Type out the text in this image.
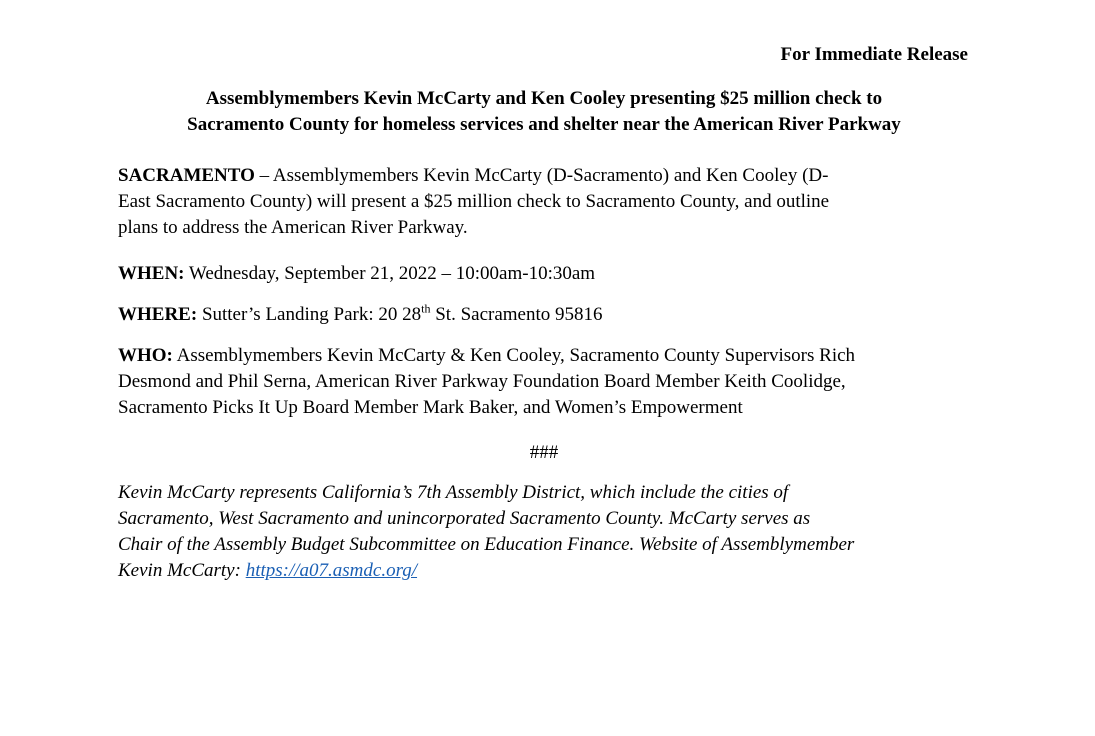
For Immediate Release
Assemblymembers Kevin McCarty and Ken Cooley presenting $25 million check to
Sacramento County for homeless services and shelter near the American River Parkway
SACRAMENTO – Assemblymembers Kevin McCarty (D-Sacramento) and Ken Cooley (D-
East Sacramento County) will present a $25 million check to Sacramento County, and outline
plans to address the American River Parkway.
WHEN: Wednesday, September 21, 2022 – 10:00am-10:30am
WHERE: Sutter’s Landing Park: 20 28th St. Sacramento 95816
WHO: Assemblymembers Kevin McCarty & Ken Cooley, Sacramento County Supervisors Rich
Desmond and Phil Serna, American River Parkway Foundation Board Member Keith Coolidge,
Sacramento Picks It Up Board Member Mark Baker, and Women’s Empowerment
###
Kevin McCarty represents California’s 7th Assembly District, which include the cities of
Sacramento, West Sacramento and unincorporated Sacramento County. McCarty serves as
Chair of the Assembly Budget Subcommittee on Education Finance. Website of Assemblymember
Kevin McCarty: https://a07.asmdc.org/
